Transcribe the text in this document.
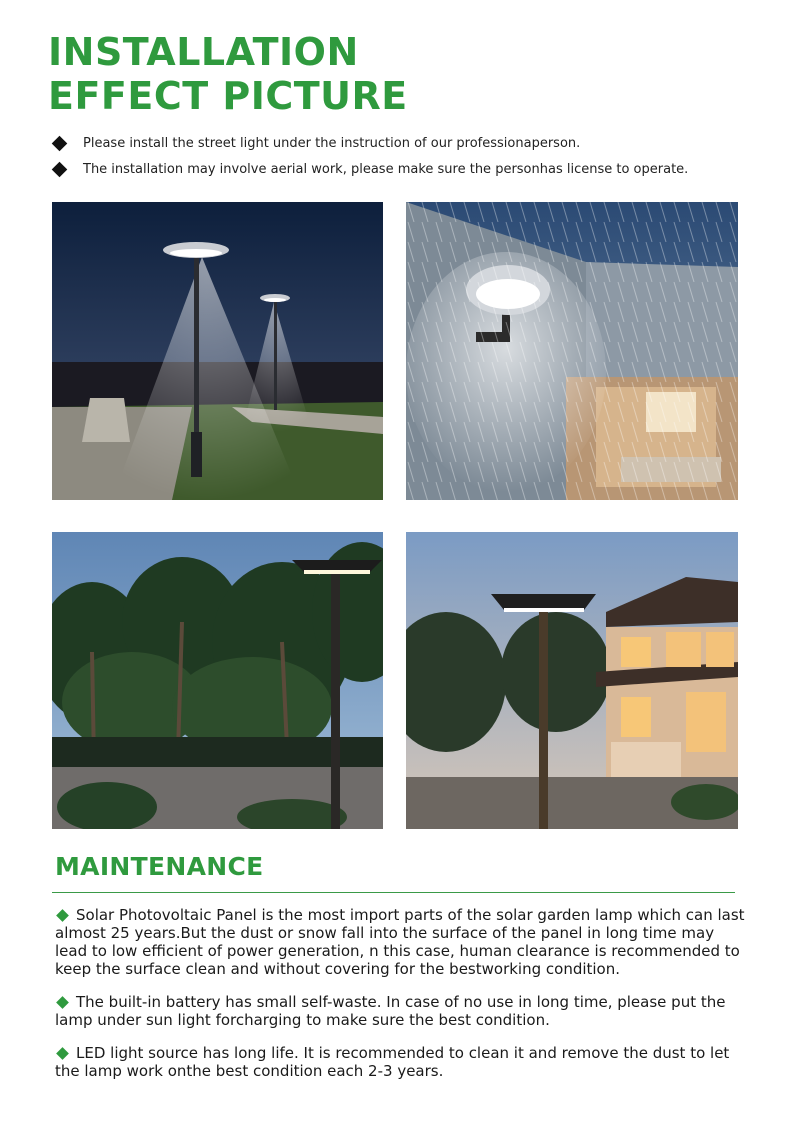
INSTALLATION
EFFECT PICTURE
Please install the street light under the instruction of our professionaperson.
The installation may involve aerial work, please make sure the personhas license to operate.
MAINTENANCE

Solar Photovoltaic Panel is the most import parts of the solar garden lamp which can last almost 25 years.But the dust or snow fall into the surface of the panel in long time may lead to low efficient of power generation, n this case, human clearance is recommended to keep the surface clean and without covering for the bestworking condition.

The built-in battery has small self-waste. In case of no use in long time, please put the lamp under sun light forcharging to make sure the best condition.

LED light source has long life. It is recommended to clean it and remove the dust to let the lamp work onthe best condition each 2-3 years.
